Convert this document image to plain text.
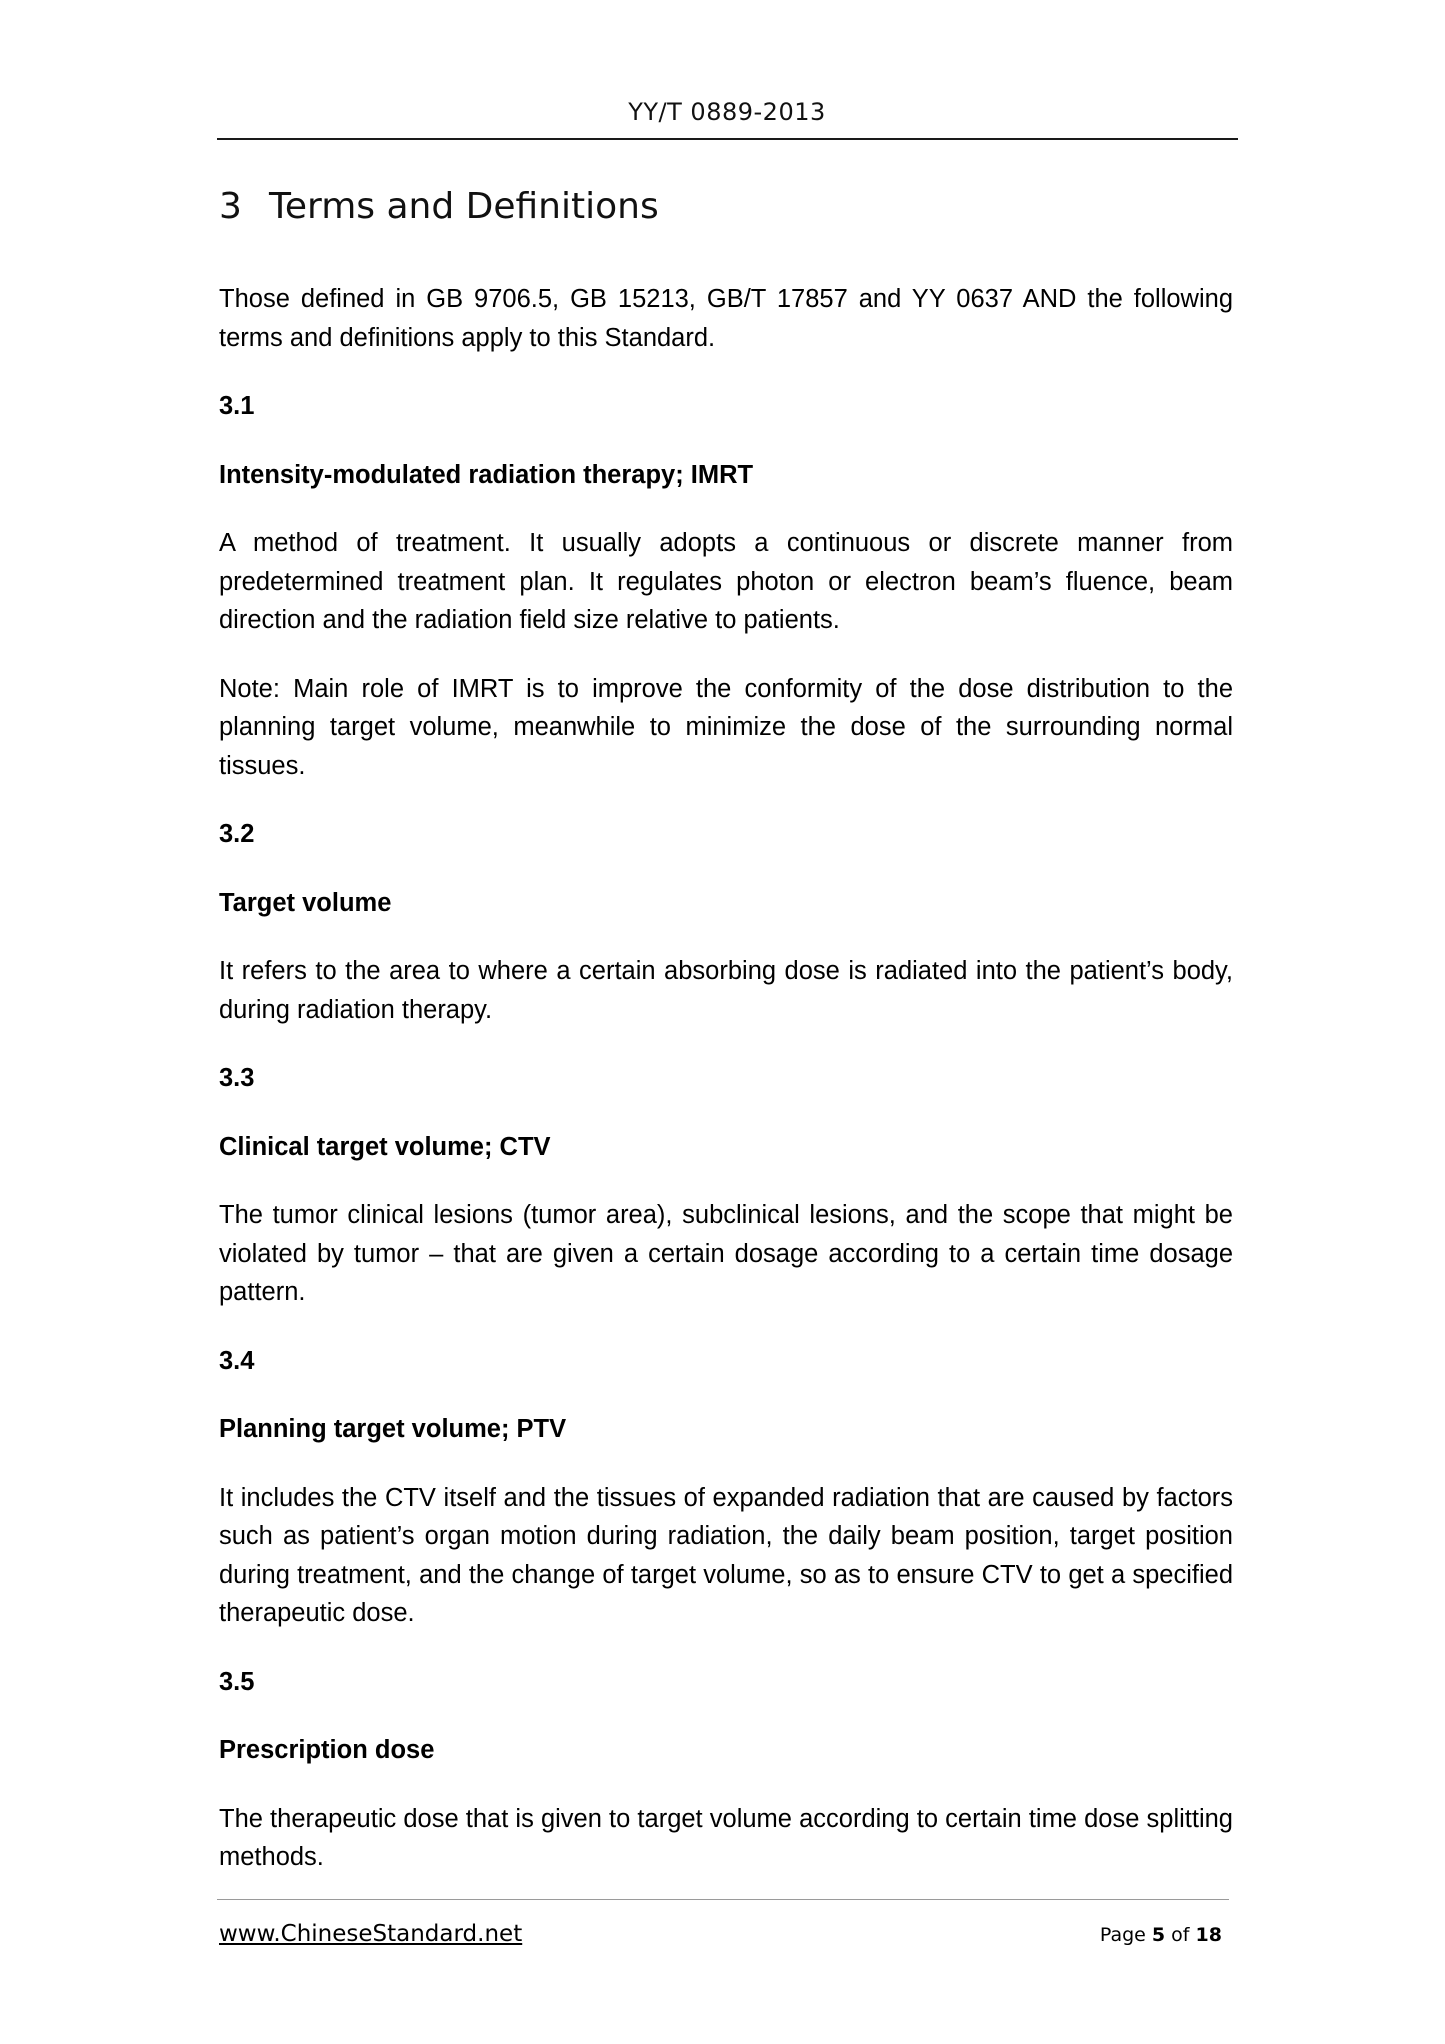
YY/T 0889-2013
3 Terms and Definitions

Those defined in GB 9706.5, GB 15213, GB/T 17857 and YY 0637 AND the following terms and definitions apply to this Standard.

3.1

Intensity-modulated radiation therapy; IMRT

A method of treatment. It usually adopts a continuous or discrete manner from predetermined treatment plan. It regulates photon or electron beam’s fluence, beam direction and the radiation field size relative to patients.

Note: Main role of IMRT is to improve the conformity of the dose distribution to the planning target volume, meanwhile to minimize the dose of the surrounding normal tissues.

3.2

Target volume

It refers to the area to where a certain absorbing dose is radiated into the patient’s body, during radiation therapy.

3.3

Clinical target volume; CTV

The tumor clinical lesions (tumor area), subclinical lesions, and the scope that might be violated by tumor – that are given a certain dosage according to a certain time dosage pattern.

3.4

Planning target volume; PTV

It includes the CTV itself and the tissues of expanded radiation that are caused by factors such as patient’s organ motion during radiation, the daily beam position, target position during treatment, and the change of target volume, so as to ensure CTV to get a specified therapeutic dose.

3.5

Prescription dose

The therapeutic dose that is given to target volume according to certain time dose splitting methods.

www.ChineseStandard.net	Page 5 of 18
